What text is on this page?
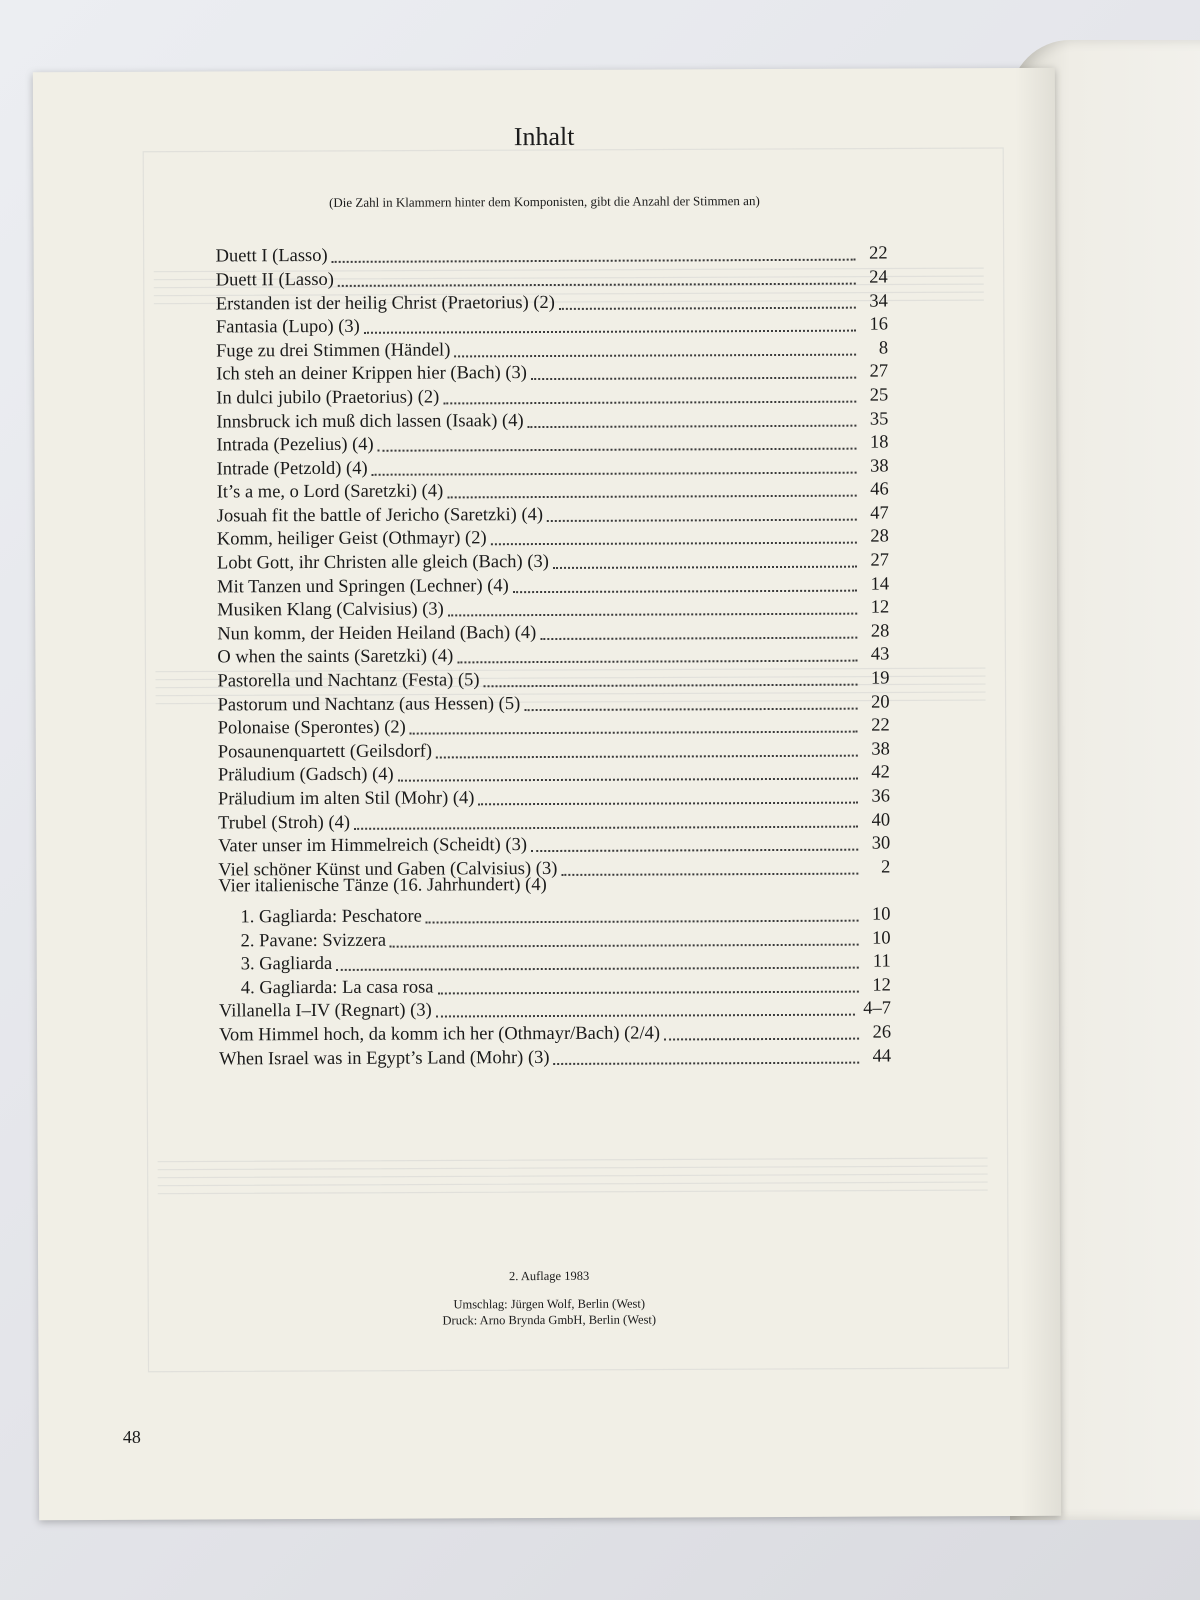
Inhalt
(Die Zahl in Klammern hinter dem Komponisten, gibt die Anzahl der Stimmen an)
Duett I (Lasso)	22
Duett II (Lasso)	24
Erstanden ist der heilig Christ (Praetorius) (2)	34
Fantasia (Lupo) (3)	16
Fuge zu drei Stimmen (Händel)	8
Ich steh an deiner Krippen hier (Bach) (3)	27
In dulci jubilo (Praetorius) (2)	25
Innsbruck ich muß dich lassen (Isaak) (4)	35
Intrada (Pezelius) (4)	18
Intrade (Petzold) (4)	38
It’s a me, o Lord (Saretzki) (4)	46
Josuah fit the battle of Jericho (Saretzki) (4)	47
Komm, heiliger Geist (Othmayr) (2)	28
Lobt Gott, ihr Christen alle gleich (Bach) (3)	27
Mit Tanzen und Springen (Lechner) (4)	14
Musiken Klang (Calvisius) (3)	12
Nun komm, der Heiden Heiland (Bach) (4)	28
O when the saints (Saretzki) (4)	43
Pastorella und Nachtanz (Festa) (5)	19
Pastorum und Nachtanz (aus Hessen) (5)	20
Polonaise (Sperontes) (2)	22
Posaunenquartett (Geilsdorf)	38
Präludium (Gadsch) (4)	42
Präludium im alten Stil (Mohr) (4)	36
Trubel (Stroh) (4)	40
Vater unser im Himmelreich (Scheidt) (3)	30
Viel schöner Künst und Gaben (Calvisius) (3)	2
Vier italienische Tänze (16. Jahrhundert) (4)
1. Gagliarda: Peschatore	10
2. Pavane: Svizzera	10
3. Gagliarda	11
4. Gagliarda: La casa rosa	12
Villanella I–IV (Regnart) (3)	4–7
Vom Himmel hoch, da komm ich her (Othmayr/Bach) (2/4)	26
When Israel was in Egypt’s Land (Mohr) (3)	44
2. Auflage 1983
Umschlag: Jürgen Wolf, Berlin (West)
Druck: Arno Brynda GmbH, Berlin (West)
48
